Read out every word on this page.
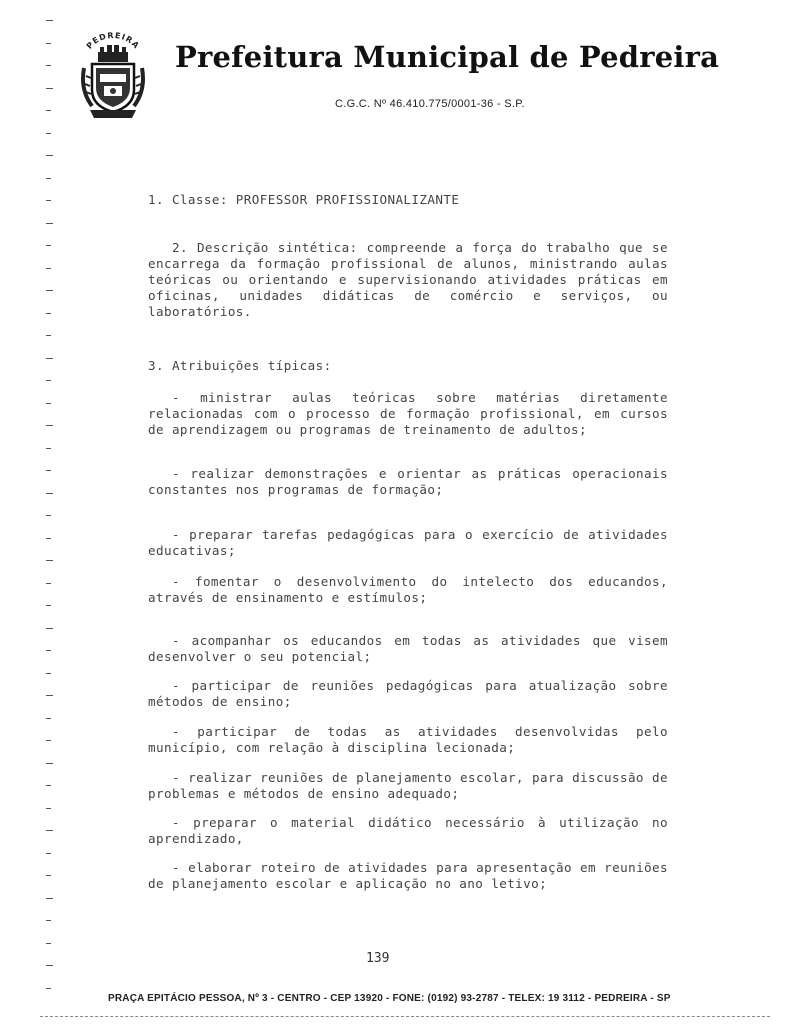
PEDREIRA Prefeitura Municipal de Pedreira
C.G.C. Nº 46.410.775/0001-36 - S.P.
1. Classe: PROFESSOR PROFISSIONALIZANTE
2. Descrição sintética: compreende a força do trabalho que se encarrega da formação profissional de alunos, ministrando aulas teóricas ou orientando e supervisionando atividades práticas em oficinas, unidades didáticas de comércio e serviços, ou laboratórios.
3. Atribuições típicas:
- ministrar aulas teóricas sobre matérias diretamente relacionadas com o processo de formação profissional, em cursos de aprendizagem ou programas de treinamento de adultos;
- realizar demonstrações e orientar as práticas operacionais constantes nos programas de formação;
- preparar tarefas pedagógicas para o exercício de atividades educativas;
- fomentar o desenvolvimento do intelecto dos educandos, através de ensinamento e estímulos;
- acompanhar os educandos em todas as atividades que visem desenvolver o seu potencial;
- participar de reuniões pedagógicas para atualização sobre métodos de ensino;
- participar de todas as atividades desenvolvidas pelo município, com relação à disciplina lecionada;
- realizar reuniões de planejamento escolar, para discussão de problemas e métodos de ensino adequado;
- preparar o material didático necessário à utilização no aprendizado,
- elaborar roteiro de atividades para apresentação em reuniões de planejamento escolar e aplicação no ano letivo;
139
PRAÇA EPITÁCIO PESSOA, Nº 3 - CENTRO - CEP 13920 - FONE: (0192) 93-2787 - TELEX: 19 3112 - PEDREIRA - SP
